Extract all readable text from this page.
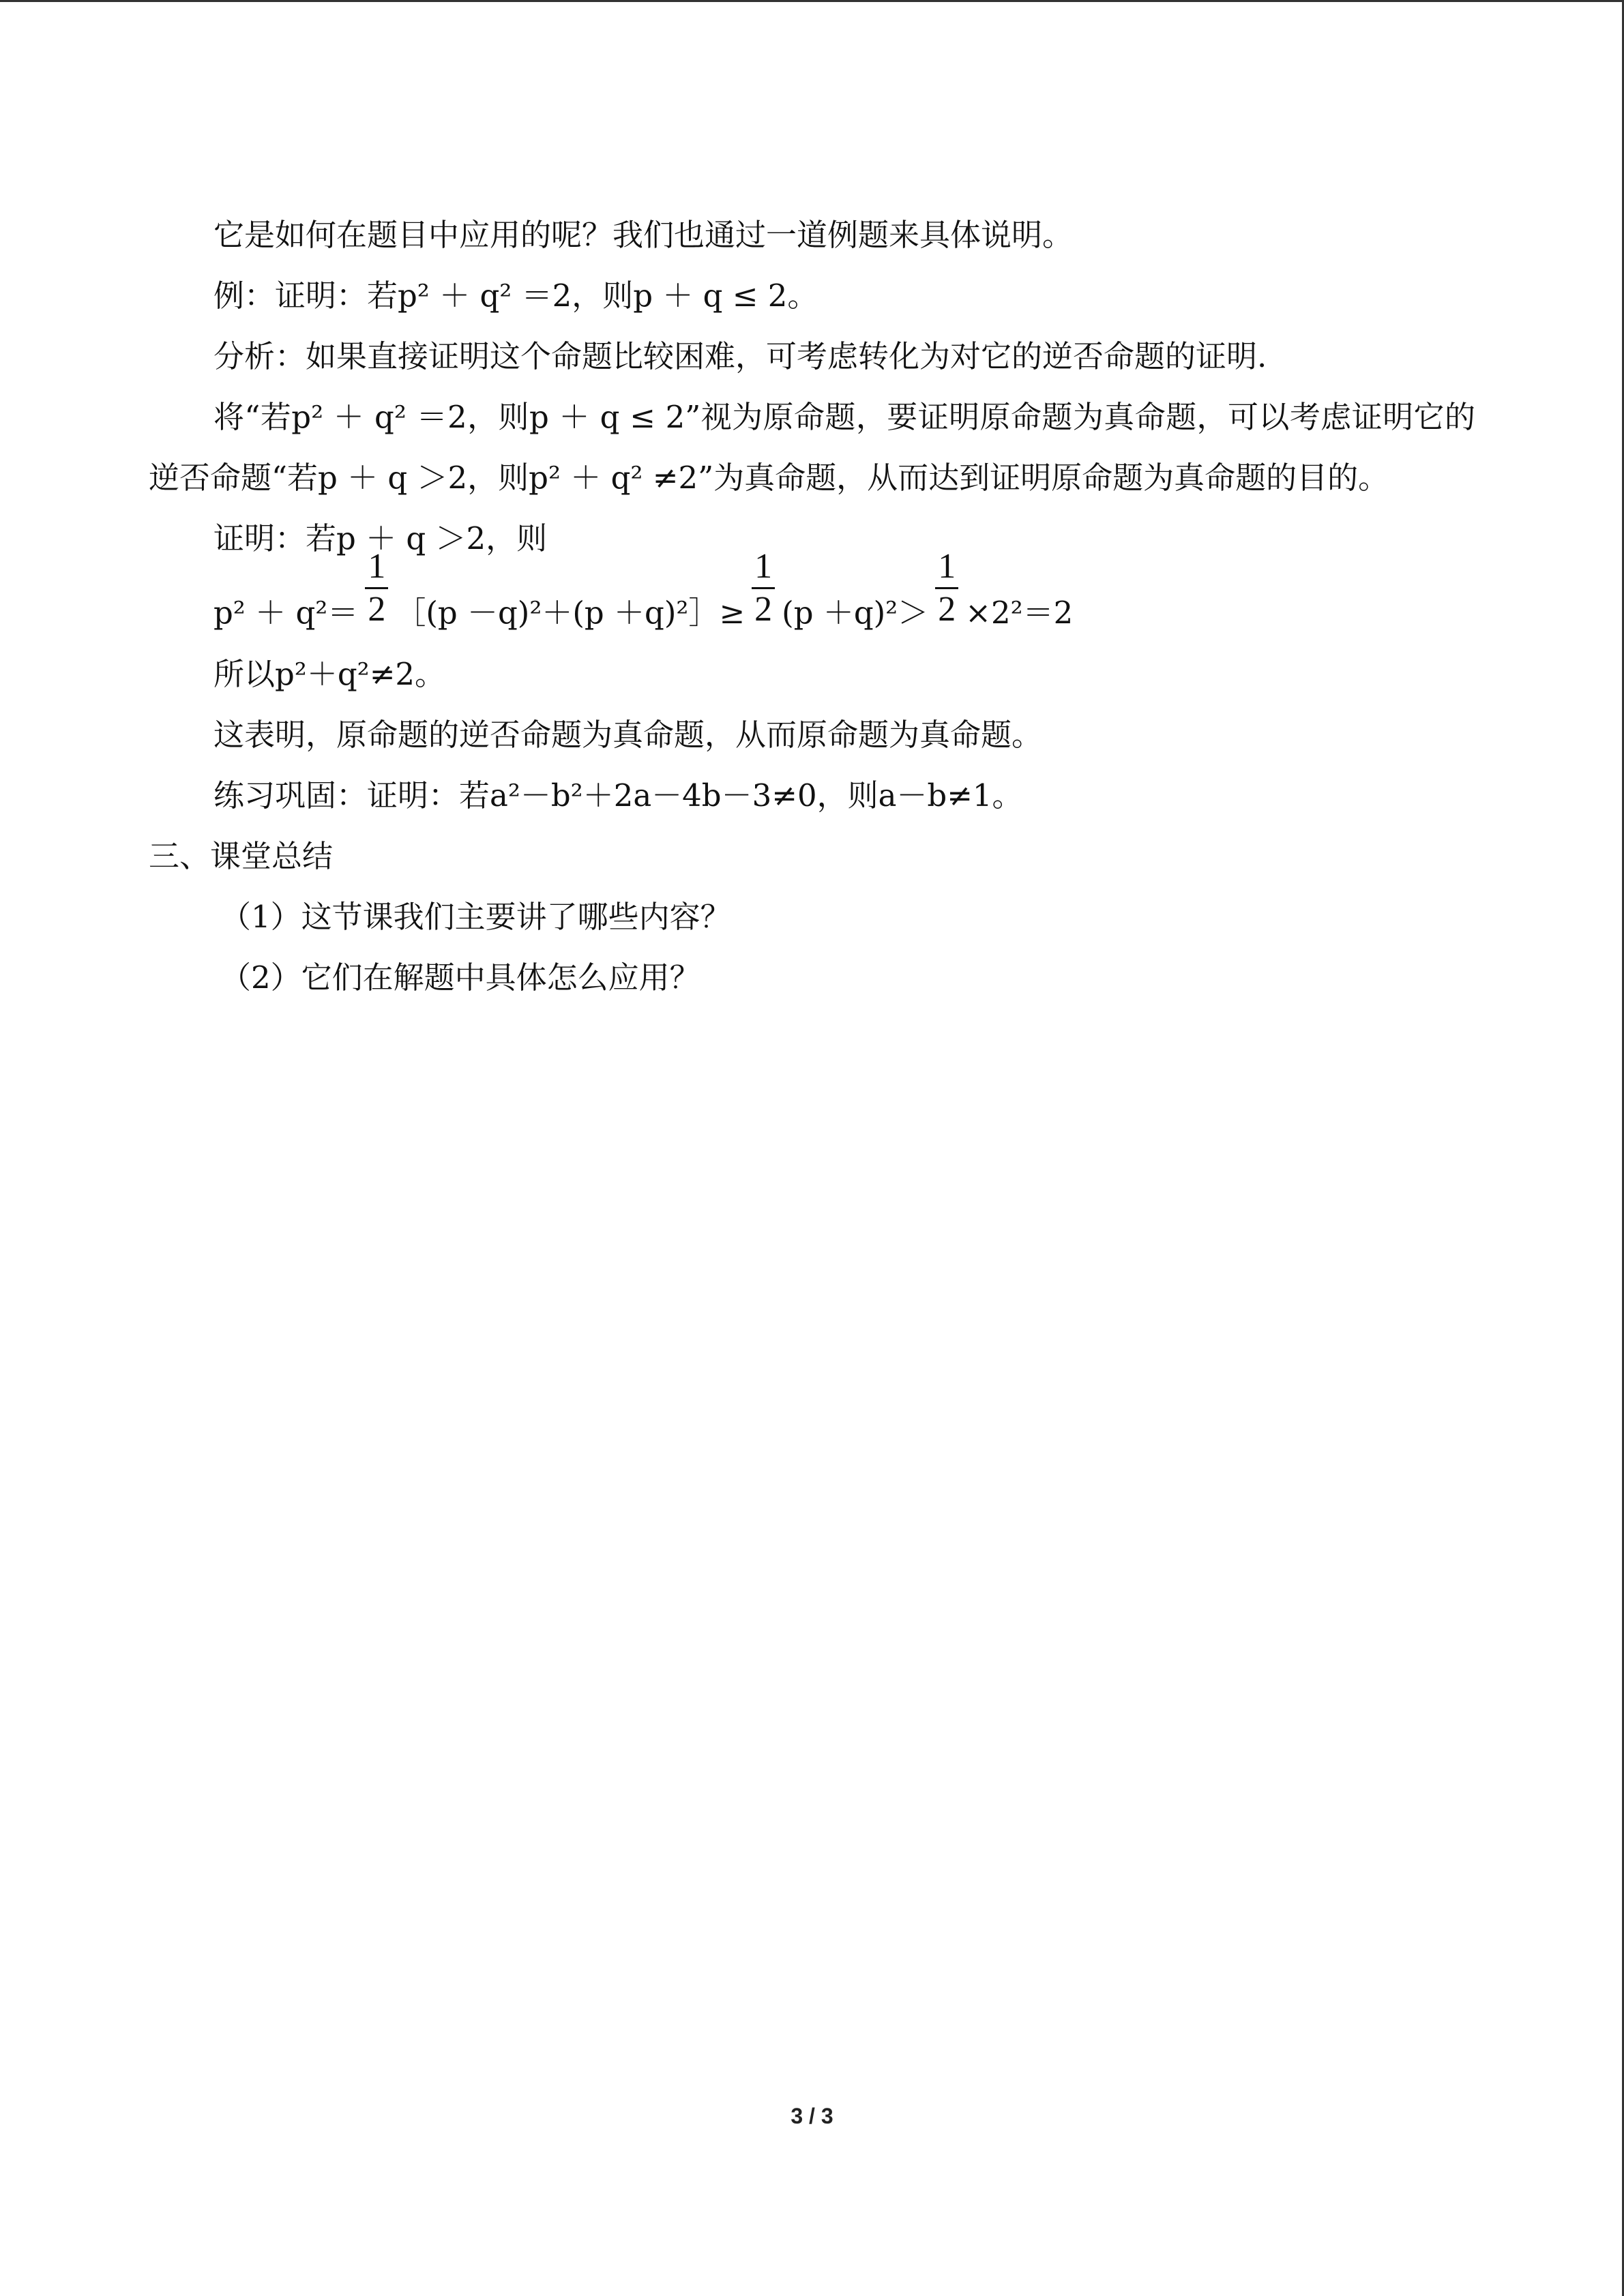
它是如何在题目中应用的呢？我们也通过一道例题来具体说明。
例：证明：若p² ＋ q² ＝2，则p ＋ q ≤ 2。
分析：如果直接证明这个命题比较困难，可考虑转化为对它的逆否命题的证明.
将“若p² ＋ q² ＝2，则p ＋ q ≤ 2”视为原命题，要证明原命题为真命题，可以考虑证明它的逆否命题“若p ＋ q ＞2，则p² ＋ q² ≠2”为真命题，从而达到证明原命题为真命题的目的。
证明：若p ＋ q ＞2，则
$p^2 + q^2= \frac{1}{2}$ ［(p －q)²＋(p ＋q)²］≥ $\frac{1}{2} (p +q)^2> \frac{1}{2} \times 2^2=2$
所以p²＋q²≠2。
这表明，原命题的逆否命题为真命题，从而原命题为真命题。
练习巩固：证明：若a²－b²＋2a－4b－3≠0，则a－b≠1。
三、课堂总结
（1）这节课我们主要讲了哪些内容？
（2）它们在解题中具体怎么应用？
3 / 3
